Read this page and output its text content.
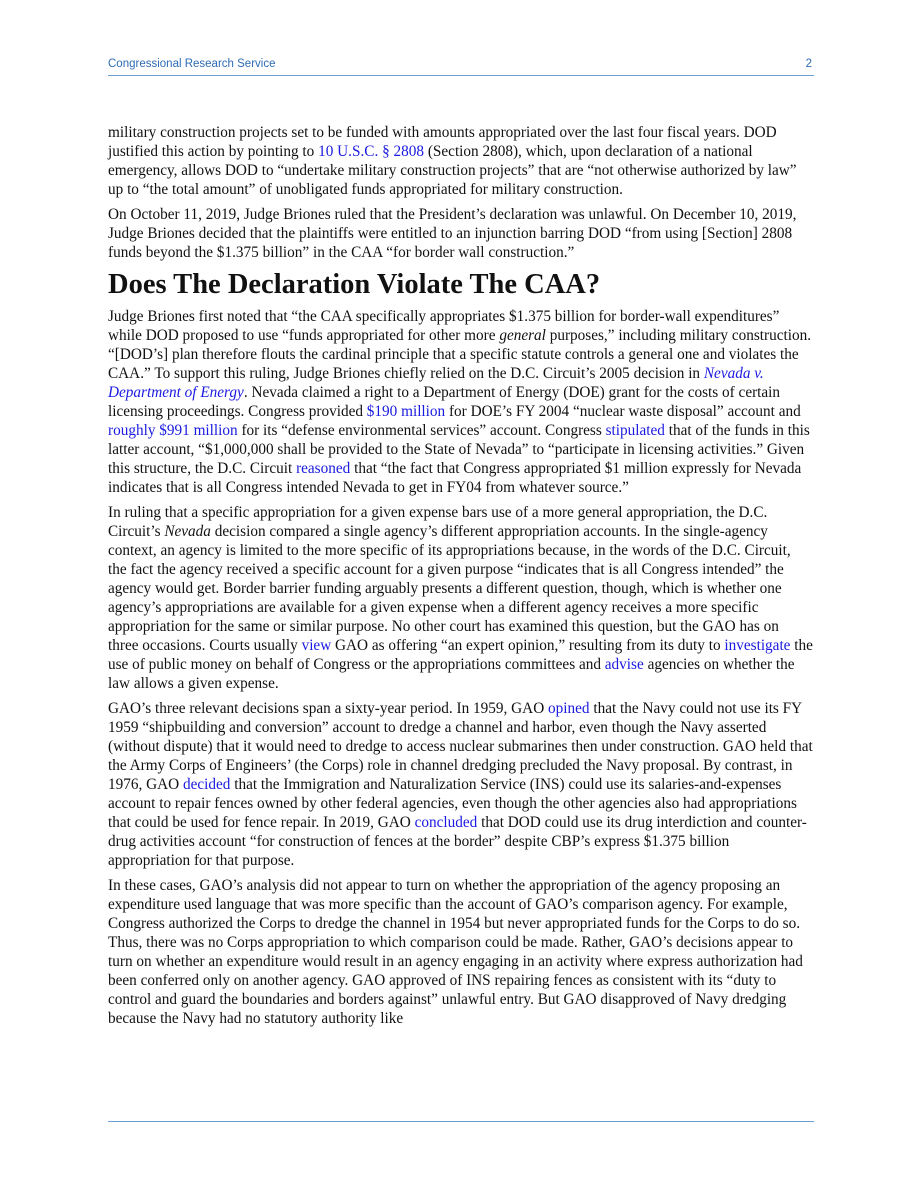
Congressional Research Service	2

military construction projects set to be funded with amounts appropriated over the last four fiscal years. DOD justified this action by pointing to 10 U.S.C. § 2808 (Section 2808), which, upon declaration of a national emergency, allows DOD to “undertake military construction projects” that are “not otherwise authorized by law” up to “the total amount” of unobligated funds appropriated for military construction.

On October 11, 2019, Judge Briones ruled that the President’s declaration was unlawful. On December 10, 2019, Judge Briones decided that the plaintiffs were entitled to an injunction barring DOD “from using [Section] 2808 funds beyond the $1.375 billion” in the CAA “for border wall construction.”

Does The Declaration Violate The CAA?

Judge Briones first noted that “the CAA specifically appropriates $1.375 billion for border-wall expenditures” while DOD proposed to use “funds appropriated for other more general purposes,” including military construction. “[DOD’s] plan therefore flouts the cardinal principle that a specific statute controls a general one and violates the CAA.” To support this ruling, Judge Briones chiefly relied on the D.C. Circuit’s 2005 decision in Nevada v. Department of Energy. Nevada claimed a right to a Department of Energy (DOE) grant for the costs of certain licensing proceedings. Congress provided $190 million for DOE’s FY 2004 “nuclear waste disposal” account and roughly $991 million for its “defense environmental services” account. Congress stipulated that of the funds in this latter account, “$1,000,000 shall be provided to the State of Nevada” to “participate in licensing activities.” Given this structure, the D.C. Circuit reasoned that “the fact that Congress appropriated $1 million expressly for Nevada indicates that is all Congress intended Nevada to get in FY04 from whatever source.”

In ruling that a specific appropriation for a given expense bars use of a more general appropriation, the D.C. Circuit’s Nevada decision compared a single agency’s different appropriation accounts. In the single-agency context, an agency is limited to the more specific of its appropriations because, in the words of the D.C. Circuit, the fact the agency received a specific account for a given purpose “indicates that is all Congress intended” the agency would get. Border barrier funding arguably presents a different question, though, which is whether one agency’s appropriations are available for a given expense when a different agency receives a more specific appropriation for the same or similar purpose. No other court has examined this question, but the GAO has on three occasions. Courts usually view GAO as offering “an expert opinion,” resulting from its duty to investigate the use of public money on behalf of Congress or the appropriations committees and advise agencies on whether the law allows a given expense.

GAO’s three relevant decisions span a sixty-year period. In 1959, GAO opined that the Navy could not use its FY 1959 “shipbuilding and conversion” account to dredge a channel and harbor, even though the Navy asserted (without dispute) that it would need to dredge to access nuclear submarines then under construction. GAO held that the Army Corps of Engineers’ (the Corps) role in channel dredging precluded the Navy proposal. By contrast, in 1976, GAO decided that the Immigration and Naturalization Service (INS) could use its salaries-and-expenses account to repair fences owned by other federal agencies, even though the other agencies also had appropriations that could be used for fence repair. In 2019, GAO concluded that DOD could use its drug interdiction and counter-drug activities account “for construction of fences at the border” despite CBP’s express $1.375 billion appropriation for that purpose.

In these cases, GAO’s analysis did not appear to turn on whether the appropriation of the agency proposing an expenditure used language that was more specific than the account of GAO’s comparison agency. For example, Congress authorized the Corps to dredge the channel in 1954 but never appropriated funds for the Corps to do so. Thus, there was no Corps appropriation to which comparison could be made. Rather, GAO’s decisions appear to turn on whether an expenditure would result in an agency engaging in an activity where express authorization had been conferred only on another agency. GAO approved of INS repairing fences as consistent with its “duty to control and guard the boundaries and borders against” unlawful entry. But GAO disapproved of Navy dredging because the Navy had no statutory authority like
